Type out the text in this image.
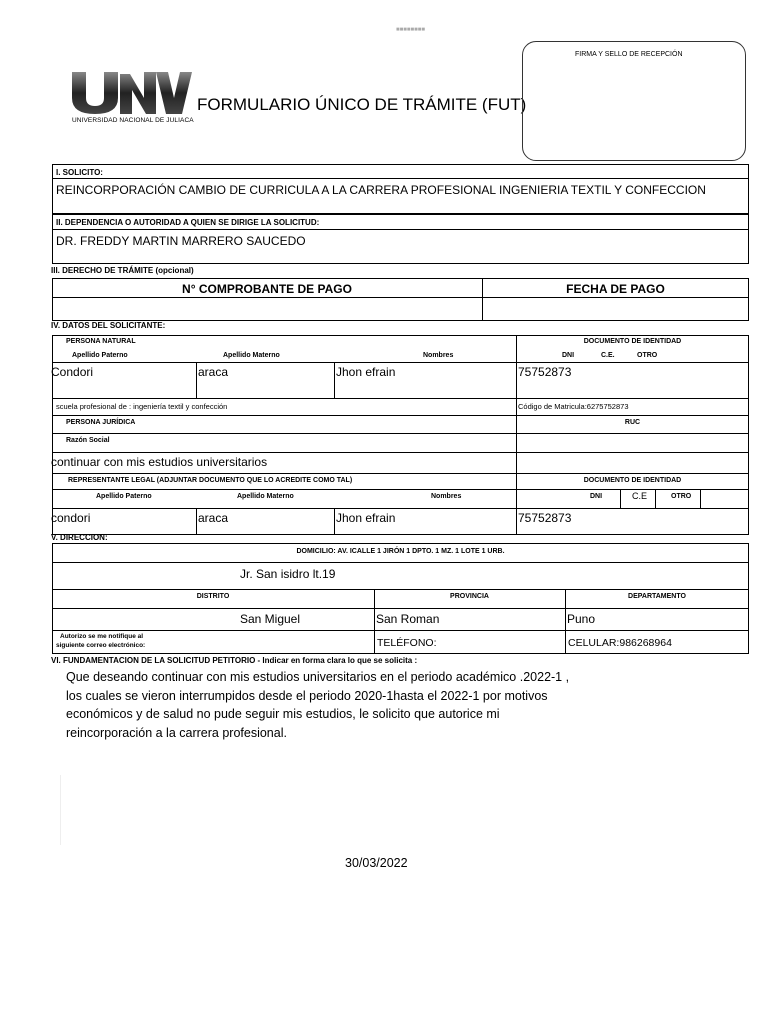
■■■■■■■■
UNIVERSIDAD NACIONAL DE JULIACA
FORMULARIO ÚNICO DE TRÁMITE (FUT)
FIRMA Y SELLO DE RECEPCIÓN
I. SOLICITO:
REINCORPORACIÓN CAMBIO DE CURRICULA A LA CARRERA PROFESIONAL INGENIERIA TEXTIL Y CONFECCION
II. DEPENDENCIA O AUTORIDAD A QUIEN SE DIRIGE LA SOLICITUD:
DR. FREDDY MARTIN MARRERO SAUCEDO
III. DERECHO DE TRÁMITE (opcional)
N° COMPROBANTE DE PAGO	FECHA DE PAGO
IV. DATOS DEL SOLICITANTE:
PERSONA NATURAL
Apellido Paterno	Apellido Materno	Nombres
DOCUMENTO DE IDENTIDAD
DNI	C.E.	OTRO
Condori	araca	Jhon efrain	75752873
scuela profesional de : ingeniería textil y confección	Código de Matricula:6275752873
PERSONA JURÍDICA	RUC
Razón Social
continuar con mis estudios universitarios
REPRESENTANTE LEGAL (ADJUNTAR DOCUMENTO QUE LO ACREDITE COMO TAL)	DOCUMENTO DE IDENTIDAD
Apellido Paterno	Apellido Materno	Nombres	DNI	C.E	OTRO
condori	araca	Jhon efrain	75752873
V. DIRECCION:
DOMICILIO: AV. ICALLE 1 JIRÓN 1 DPTO. 1 MZ. 1 LOTE 1 URB.
Jr. San isidro lt.19
DISTRITO	PROVINCIA	DEPARTAMENTO
San Miguel	San Roman	Puno
Autorizo se me notifique al
siguiente correo electrónico:	TELÉFONO:	CELULAR:986268964
VI. FUNDAMENTACION DE LA SOLICITUD PETITORIO - Indicar en forma clara lo que se solicita :
Que deseando continuar con mis estudios universitarios en el periodo académico .2022-1 ,
los cuales se vieron interrumpidos desde el periodo 2020-1hasta el 2022-1 por motivos
económicos y de salud no pude seguir mis estudios, le solicito que autorice mi
reincorporación a la carrera profesional.
30/03/2022
